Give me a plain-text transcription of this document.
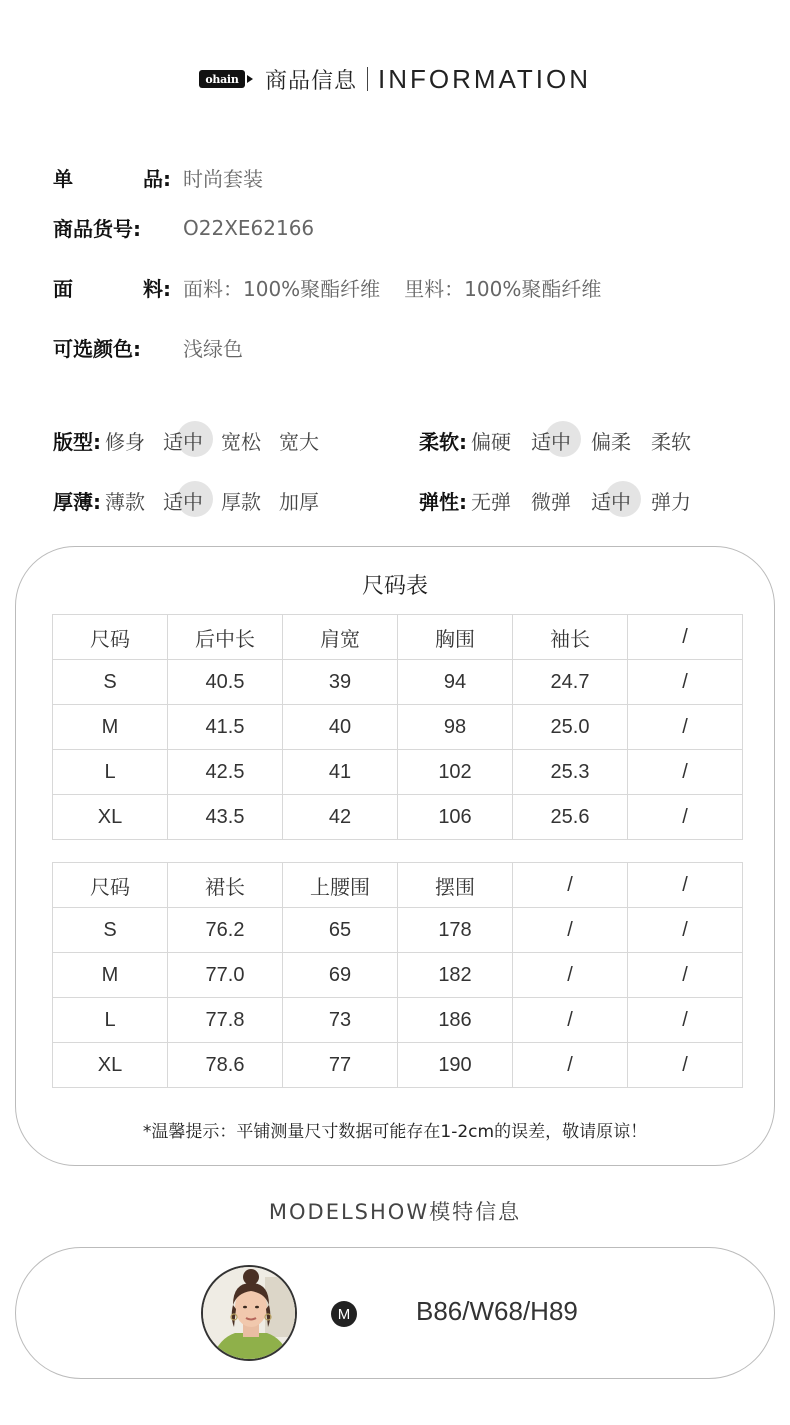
ohain 商品信息 INFORMATION
单	品: 时尚套装
商品货号: O22XE62166
面	料: 面料：100%聚酯纤维 里料：100%聚酯纤维
可选颜色: 浅绿色
版型: 修身 适中 宽松 宽大	柔软: 偏硬 适中 偏柔 柔软
厚薄: 薄款 适中 厚款 加厚	弹性: 无弹 微弹 适中 弹力
尺码表
尺码	后中长	肩宽	胸围	袖长	/
S	40.5	39	94	24.7	/
M	41.5	40	98	25.0	/
L	42.5	41	102	25.3	/
XL	43.5	42	106	25.6	/
尺码	裙长	上腰围	摆围	/	/
S	76.2	65	178	/	/
M	77.0	69	182	/	/
L	77.8	73	186	/	/
XL	78.6	77	190	/	/
*温馨提示：平铺测量尺寸数据可能存在1-2cm的误差，敬请原谅！
MODELSHOW模特信息
M	B86/W68/H89
